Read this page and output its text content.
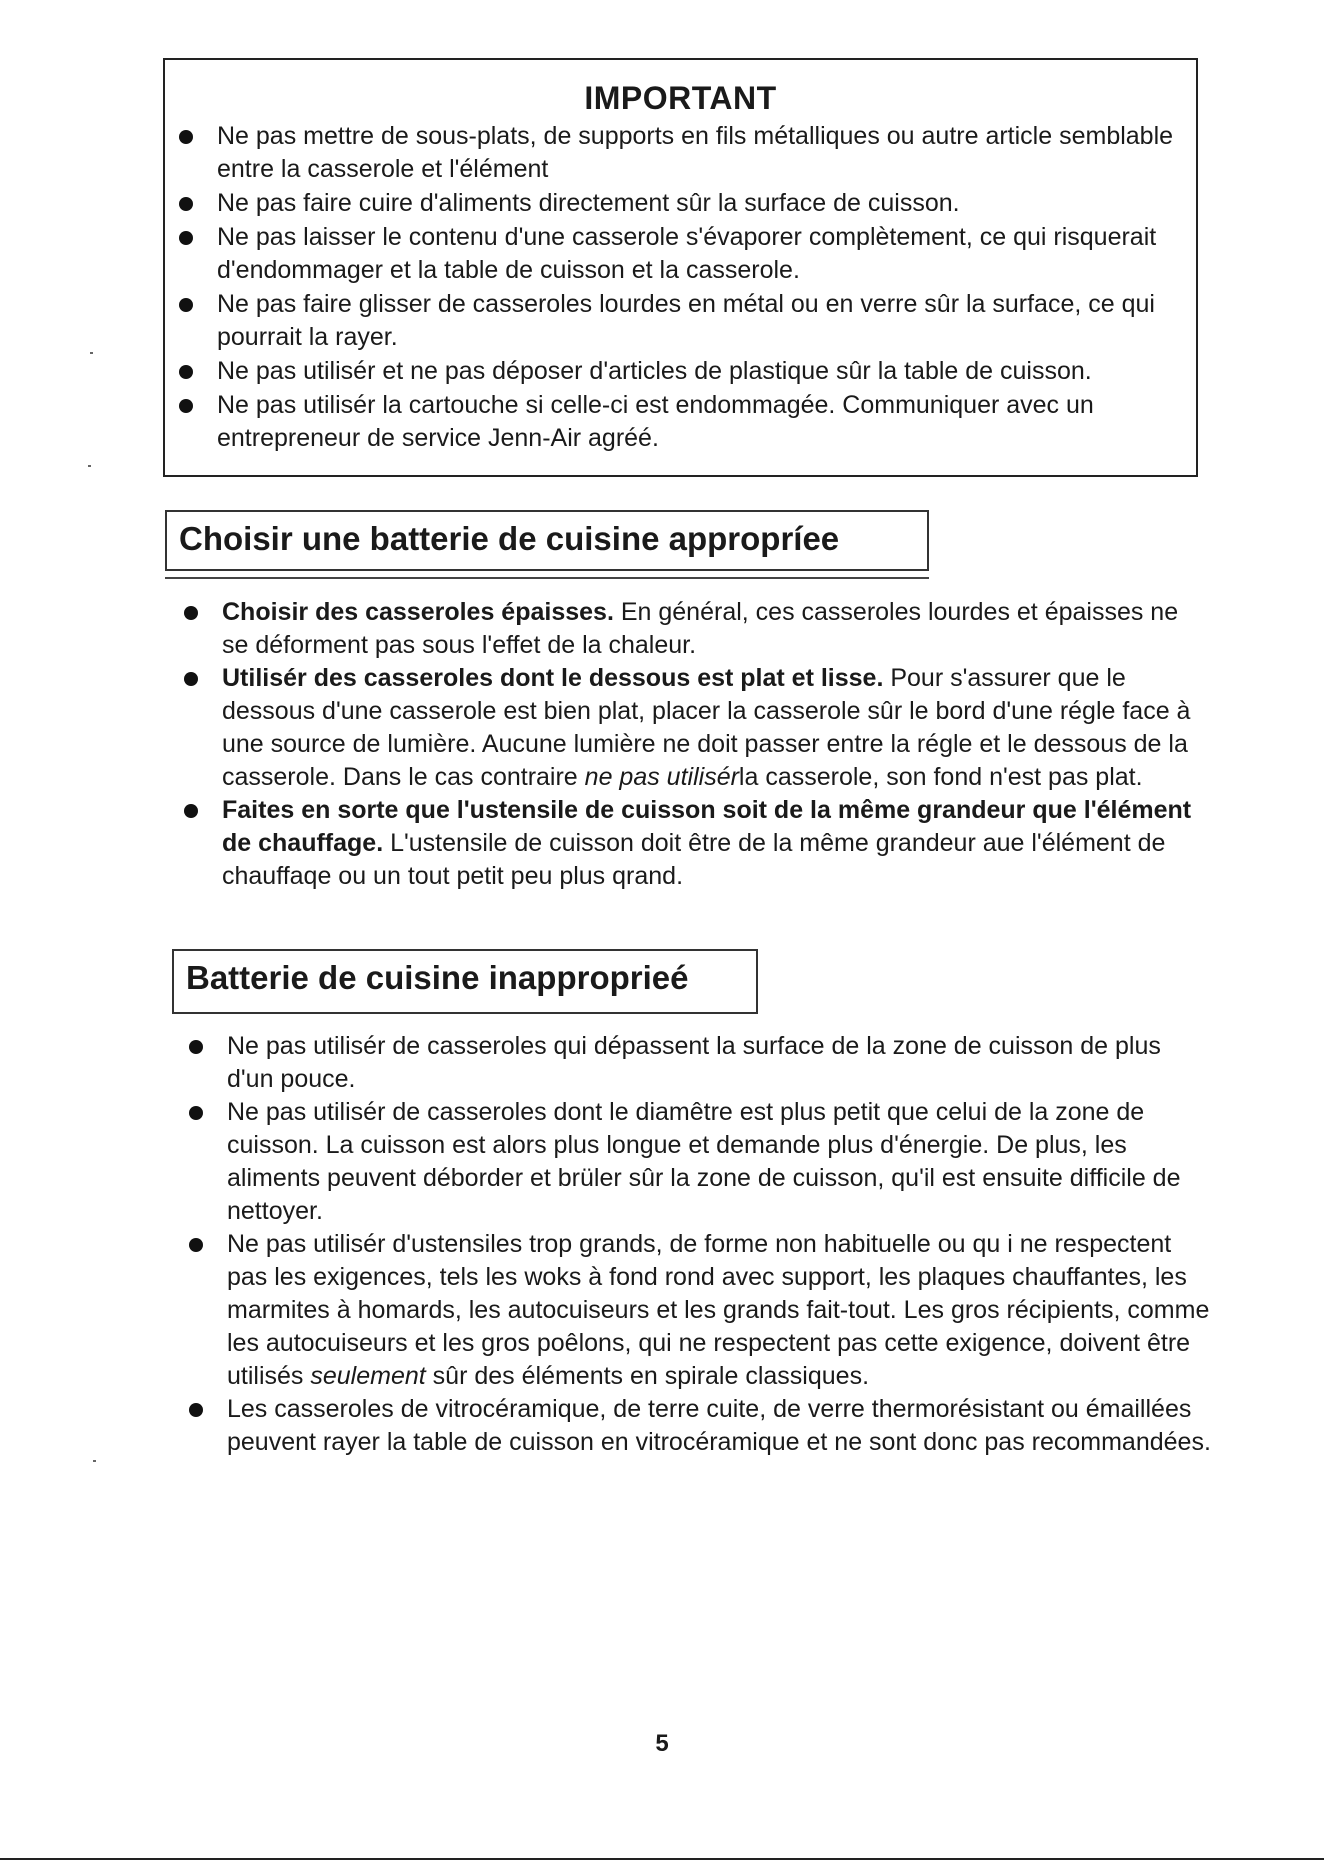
IMPORTANT
Ne pas mettre de sous-plats, de supports en fils métalliques ou autre article semblable entre la casserole et l'élément
Ne pas faire cuire d'aliments directement sûr la surface de cuisson.
Ne pas laisser le contenu d'une casserole s'évaporer complètement, ce qui risquerait d'endommager et la table de cuisson et la casserole.
Ne pas faire glisser de casseroles lourdes en métal ou en verre sûr la surface, ce qui pourrait la rayer.
Ne pas utilisér et ne pas déposer d'articles de plastique sûr la table de cuisson.
Ne pas utilisér la cartouche si celle-ci est endommagée. Communiquer avec un entrepreneur de service Jenn-Air agréé.
Choisir une batterie de cuisine appropríee
Choisir des casseroles épaisses. En général, ces casseroles lourdes et épaisses ne se déforment pas sous l'effet de la chaleur.
Utilisér des casseroles dont le dessous est plat et lisse. Pour s'assurer que le dessous d'une casserole est bien plat, placer la casserole sûr le bord d'une régle face à une source de lumière. Aucune lumière ne doit passer entre la régle et le dessous de la casserole. Dans le cas contraire ne pas utilisérla casserole, son fond n'est pas plat.
Faites en sorte que l'ustensile de cuisson soit de la même grandeur que l'élément de chauffage. L'ustensile de cuisson doit être de la même grandeur aue l'élément de chauffaqe ou un tout petit peu plus qrand.
Batterie de cuisine inapproprieé
Ne pas utilisér de casseroles qui dépassent la surface de la zone de cuisson de plus d'un pouce.
Ne pas utilisér de casseroles dont le diamêtre est plus petit que celui de la zone de cuisson. La cuisson est alors plus longue et demande plus d'énergie. De plus, les aliments peuvent déborder et brüler sûr la zone de cuisson, qu'il est ensuite difficile de nettoyer.
Ne pas utilisér d'ustensiles trop grands, de forme non habituelle ou qu i ne respectent pas les exigences, tels les woks à fond rond avec support, les plaques chauffantes, les marmites à homards, les autocuiseurs et les grands fait-tout. Les gros récipients, comme les autocuiseurs et les gros poêlons, qui ne respectent pas cette exigence, doivent être utilisés seulement sûr des éléments en spirale classiques.
Les casseroles de vitrocéramique, de terre cuite, de verre thermorésistant ou émaillées peuvent rayer la table de cuisson en vitrocéramique et ne sont donc pas recommandées.
5
